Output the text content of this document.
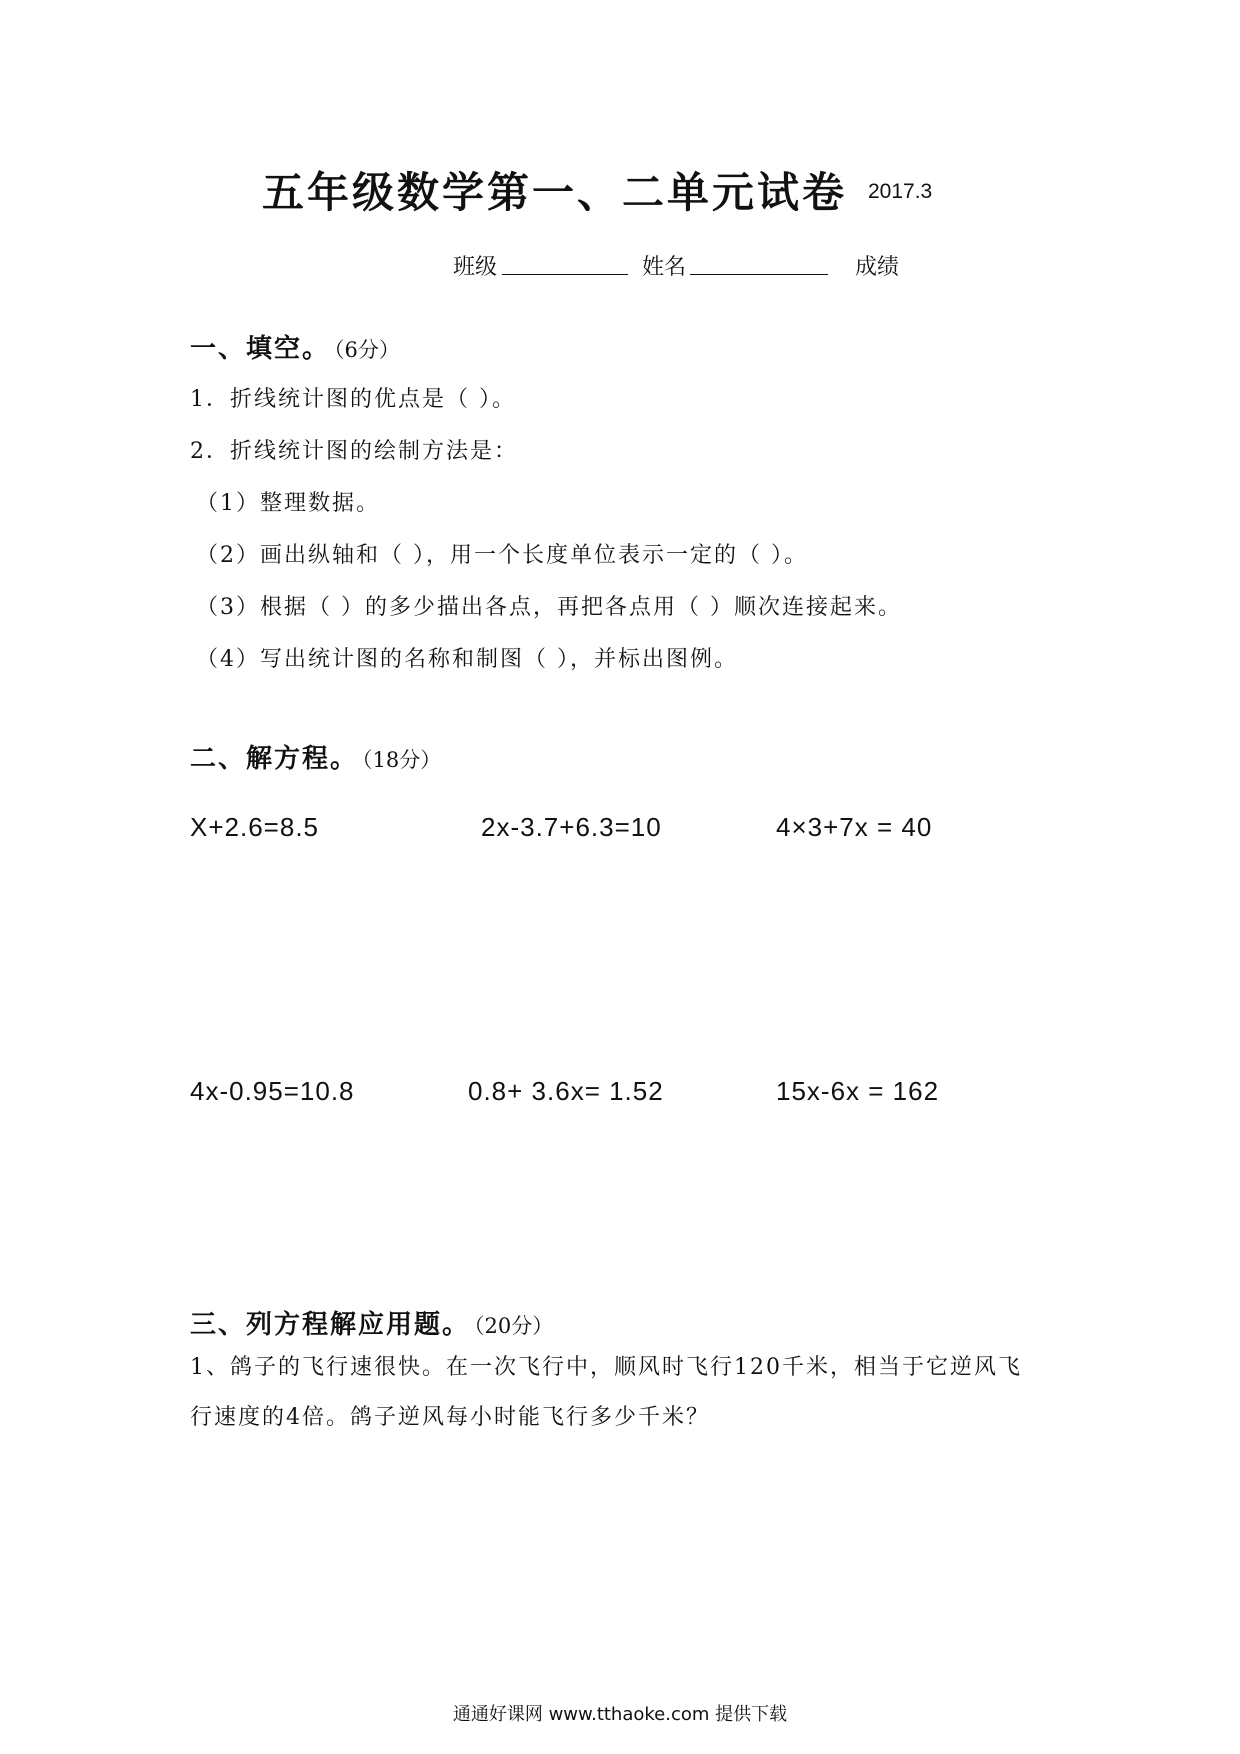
五年级数学第一、二单元试卷 2017.3
班级	姓名	成绩
一、填空。 （6分）
1．折线统计图的优点是（ ）。
2．折线统计图的绘制方法是：
（1）整理数据。
（2）画出纵轴和（ ），用一个长度单位表示一定的（ ）。
（3）根据（ ）的多少描出各点，再把各点用（ ）顺次连接起来。
（4）写出统计图的名称和制图（ ），并标出图例。
二、解方程。 （18分）
X+2.6=8.5	2x-3.7+6.3=10	4×3+7x = 40
4x-0.95=10.8	0.8+ 3.6x= 1.52	15x-6x = 162
三、列方程解应用题。 （20分）
1、鸽子的飞行速很快。在一次飞行中，顺风时飞行120千米，相当于它逆风飞
行速度的4倍。鸽子逆风每小时能飞行多少千米？
通通好课网 www.tthaoke.com 提供下载
